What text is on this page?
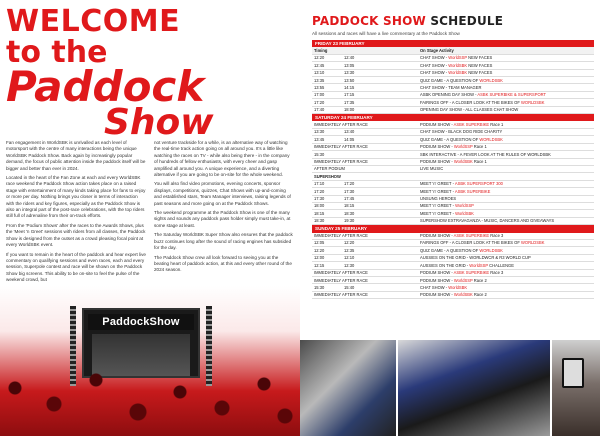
WELCOME
to the
Paddock
Show

Fan engagement in WorldSBK is unrivalled as each level of motorsport with the centre of many interactions being the unique WorldSBK Paddock Show. Back again by increasingly popular demand, the focus of public attention inside the paddock itself will be bigger and better than ever in 2024.

Located in the heart of the Fan Zone at each and every WorldSBK race weekend the Paddock Show action takes place on a raised stage with entertainment of many kinds taking place for fans to enjoy or more per day. Nothing brings you closer in terms of interaction with the riders and key figures, especially as the Paddock Show is also an integral part of the post-race celebrations, with the top riders still full of adrenaline from their on-track efforts.

From the 'Podium Shows' after the races to the Awards Shows, plus the 'Meet 'n Greet' sessions with riders from all classes, the Paddock Show is designed from the outset as a crowd pleasing focal point at every WorldSBK event.

If you want to remain in the heart of the paddock and hear expert live commentary on qualifying sessions and even races, each and every session, Superpole contest and race will be shown on the Paddock Show big screens. This ability to be on-site to feel the pulse of the weekend crowd, but

not venture trackside for a while, is an alternative way of watching the real-time track action going on all around you. It's a little like watching the races on TV - while also being there - in the company of hundreds of fellow enthusiasts, with every cheer and gasp amplified all around you. A unique experience, and a diverting alternative if you are going to be on-site for the whole weekend.

You will also find video promotions, evening concerts, sponsor displays, competitions, quizzes, Chat Shows with up-and-coming and established stars, Team Manager interviews, raising legends of past seasons and more going on at the Paddock Shows.

The weekend programme at the Paddock Show is one of the many sights and sounds any paddock pass holder simply must take-in, at some stage at least.

The Saturday WorldSBK Super Show also ensures that the paddock buzz continues long after the sound of racing engines has subsided for the day.

The Paddock Show crew all look forward to seeing you at the beating heart of paddock action, at this and every other round of the 2024 season.

PaddockShow
PADDOCK SHOW SCHEDULE
All sessions and races will have a live commentary at the Paddock Show
FRIDAY 23 FEBRUARY		
Timing		On Stage Activity
12:20	12:40	CHAT SHOW - WorldSSP NEW FACES
12:45	13:05	CHAT SHOW - WorldSBK NEW FACES
13:10	13:30	CHAT SHOW - WorldSBK NEW FACES
13:35	13:50	QUIZ GAME - A QUESTION OF WORLDSBK
13:55	14:15	CHAT SHOW - TEAM MANAGER
17:00	17:15	ASBK OPENING DAY SHOW - ASBK SUPERBIKE & SUPERSPORT
17:20	17:35	FAIRINGS OFF - A CLOSER LOOK AT THE BIKES OF WORLDSBK
17:40	18:00	OPENING DAY SHOW - ALL CLASSES CHAT SHOW
SATURDAY 24 FEBRUARY		
IMMEDIATELY AFTER RACE		PODIUM SHOW - ASBK SUPERBIKE Race 1
13:30	13:40	CHAT SHOW - BLACK DOG RIDE CHARITY
13:45	14:05	QUIZ GAME - A QUESTION OF WORLDSBK
IMMEDIATELY AFTER RACE		PODIUM SHOW - WorldSSP Race 1
15:30		SBK INTERACTIVE - A FEVER LOOK AT THE RULES OF WORLDSBK
IMMEDIATELY AFTER RACE		PODIUM SHOW - WorldSBK Race 1
AFTER PODIUM		LIVE MUSIC
SUPERSHOW		
17:10	17:20	MEET 'n' GREET - ASBK SUPERSPORT 300
17:20	17:30	MEET 'n' GREET - ASBK SUPERBIKE
17:30	17:45	UNSUNG HEROES
18:00	18:15	MEET 'n' GREET - WorldSSP
18:15	18:30	MEET 'n' GREET - WorldSBK
18:30	19:30	SUPERSHOW EXTRAVAGANZA - MUSIC, DANCERS AND GIVEAWAYS
SUNDAY 25 FEBRUARY		
IMMEDIATELY AFTER RACE		PODIUM SHOW - ASBK SUPERBIKE Race 3
12:05	12:20	FAIRINGS OFF - A CLOSER LOOK AT THE BIKES OF WORLDSBK
12:20	12:35	QUIZ GAME - A QUESTION OF WORLDSBK
12:00	12:10	AUSSIES ON THE GRID - WORLDWCR & R3 WORLD CUP
12:15	12:30	AUSSIES ON THE GRID - WorldSSP CHALLENGE
IMMEDIATELY AFTER RACE		PODIUM SHOW - ASBK SUPERBIKE Race 3
IMMEDIATELY AFTER RACE		PODIUM SHOW - WorldSSP Race 2
15:30	15:40	CHAT SHOW - WorldSBK
IMMEDIATELY AFTER RACE		PODIUM SHOW - WorldSBK Race 2
